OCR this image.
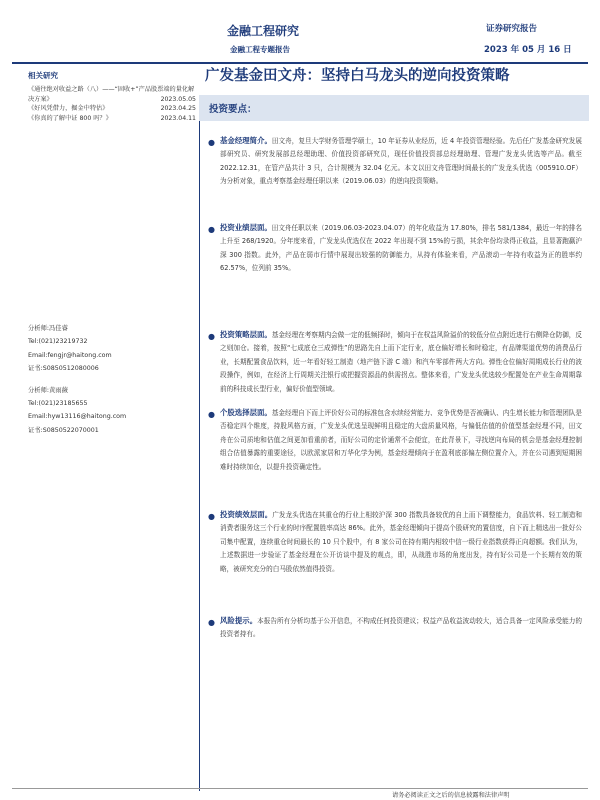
金融工程研究
金融工程专题报告
证券研究报告
2023 年 05 月 16 日
广发基金田文舟：坚持白马龙头的逆向投资策略
相关研究
《通往绝对收益之路（八）——“固收+”产品股票端的量化解决方案》	2023.05.05
《好风凭借力，掘金中特估》	2023.04.25
《你真的了解中证 800 吗？》	2023.04.11
分析师:冯佳睿
Tel:(021)23219732
Email:fengjr@haitong.com
证书:S0850512080006
分析师:黄雨薇
Tel:(021)23185655
Email:hyw13116@haitong.com
证书:S0850522070001
投资要点：
● 基金经理简介。田文舟，复旦大学财务管理学硕士，10 年证券从业经历，近 4 年投资管理经验。先后任广发基金研究发展部研究员、研究发展部总经理助理、价值投资部研究员，现任价值投资部总经理助理、管理广发龙头优选等产品。截至 2022.12.31，在管产品共计 3 只，合计规模为 32.04 亿元。本文以田文舟管理时间最长的广发龙头优选（005910.OF）为分析对象，重点考察基金经理任职以来（2019.06.03）的逆向投资策略。
● 投资业绩层面。田文舟任职以来（2019.06.03-2023.04.07）的年化收益为 17.80%，排名 581/1384，最近一年的排名上升至 268/1920。分年度来看，广发龙头优选仅在 2022 年出现不到 15%的亏损，其余年份均录得正收益，且显著跑赢沪深 300 指数。此外，产品在弱市行情中展现出较强的防御能力，从持有体验来看，产品滚动一年持有收益为正的胜率约 62.57%，位列前 35%。
● 投资策略层面。基金经理在考察期内会做一定的低频择时，倾向于在权益风险溢价的较低分位点附近进行右侧降仓防御，反之则加仓。接着，按照“七成底仓三成弹性”的思路先自上而下定行业，底仓偏好增长和时稳定，有品牌渠道优势的消费品行业，长期配置食品饮料，近一年看好轻工制造（地产链下游 C 端）和汽车零部件两大方向。弹性仓位偏好周期成长行业的波段操作，例如，在经济上行周期关注银行或把握资源品的供需拐点。整体来看，广发龙头优选较少配置处在产业生命周期靠前的科技成长型行业，偏好价值型领域。
● 个股选择层面。基金经理自下而上评价好公司的标准包含水续经营能力、竞争优势是否被确认、内生增长能力和管理团队是否稳定四个维度，持股风格方面，广发龙头优选呈现鲜明且稳定的大盘质量风格，与偏低估值的价值型基金经理不同，田文舟在公司质地和估值之间更加看重前者，而好公司的定价通常不会便宜，在此背景下，寻找逆向布局的机会是基金经理控制组合估值暴露的重要途径，以欧派家居和万华化学为例，基金经理倾向于在盈利底部偏左侧位置介入，并在公司遇到短期困难时持续加仓，以提升投资确定性。
● 投资绩效层面。广发龙头优选在其重仓的行业上相较沪深 300 指数具备较优的自上而下调整能力，食品饮料、轻工制造和消费者服务这三个行业的时序配置胜率高达 86%。此外，基金经理倾向于提高个股研究的置信度，自下而上精选出一批好公司集中配置，连续重仓时间最长的 10 只个股中，有 8 家公司在持有期内相较中信一级行业指数获得正向超额。我们认为，上述数据进一步验证了基金经理在公开访谈中提及的观点，即，从战胜市场的角度出发，持有好公司是一个长期有效的策略，被研究充分的白马股依然值得投资。
● 风险提示。本报告所有分析均基于公开信息，不构成任何投资建议；权益产品收益波动较大，适合具备一定风险承受能力的投资者持有。
请务必阅读正文之后的信息披露和法律声明
